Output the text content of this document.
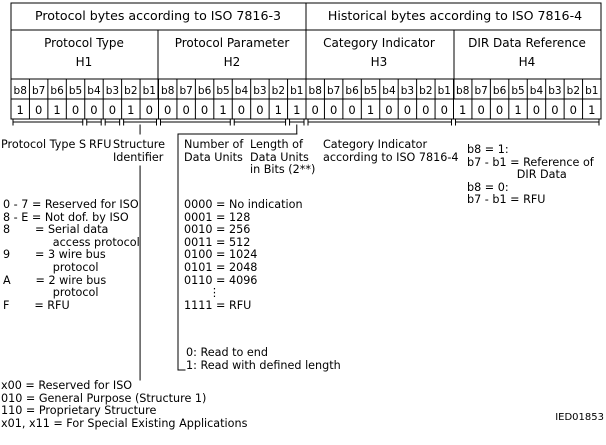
Protocol bytes according to ISO 7816-3	Historical bytes according to ISO 7816-4
Protocol Type
H1
Protocol Parameter
H2
Category Indicator
H3
DIR Data Reference
H4
b8
1
b7
0
b6
1
b5
0
b4
0
b3
0
b2
1
b1
0
b8
0
b7
0
b6
0
b5
1
b4
0
b3
0
b2
1
b1
1
b8
0
b7
0
b6
0
b5
1
b4
0
b3
0
b2
0
b1
0
b8
1
b7
0
b6
0
b5
1
b4
0
b3
0
b2
0
b1
1
IED01853
Protocol Type S RFU Structure
Identifier
Number of
Data Units
Length of
Data Units
in Bits (2**)
Category Indicator
according to ISO 7816-4
0 - 7 = Reserved for ISO
8 - E = Not dof. by ISO
8       = Serial data
access protocol
9       = 3 wire bus
protocol
A       = 2 wire bus
protocol
F       = RFU
0000 = No indication
0001 = 128
0010 = 256
0011 = 512
0100 = 1024
0101 = 2048
0110 = 4096
⋮
1111 = RFU
0: Read to end
1: Read with defined length
b8 = 1:
b7 - b1 = Reference of
DIR Data
b8 = 0:
b7 - b1 = RFU
x00 = Reserved for ISO
010 = General Purpose (Structure 1)
110 = Proprietary Structure
x01, x11 = For Special Existing Applications
